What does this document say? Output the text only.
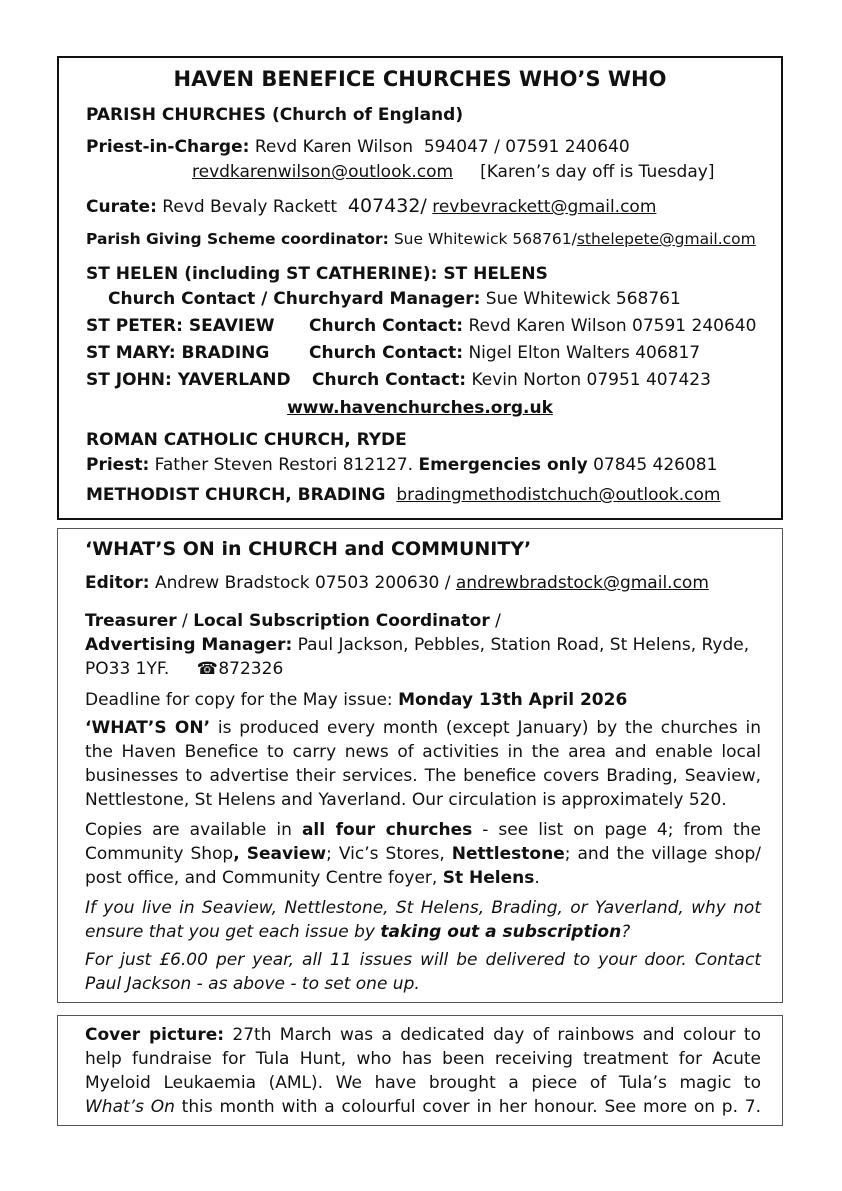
HAVEN BENEFICE CHURCHES WHO’S WHO
PARISH CHURCHES (Church of England)
Priest-in-Charge: Revd Karen Wilson 594047 / 07591 240640
revdkarenwilson@outlook.com [Karen’s day off is Tuesday]
Curate: Revd Bevaly Rackett 407432/ revbevrackett@gmail.com
Parish Giving Scheme coordinator: Sue Whitewick 568761/sthelepete@gmail.com
ST HELEN (including ST CATHERINE): ST HELENS
Church Contact / Churchyard Manager: Sue Whitewick 568761
ST PETER: SEAVIEW Church Contact: Revd Karen Wilson 07591 240640
ST MARY: BRADING Church Contact: Nigel Elton Walters 406817
ST JOHN: YAVERLAND Church Contact: Kevin Norton 07951 407423
www.havenchurches.org.uk
ROMAN CATHOLIC CHURCH, RYDE
Priest: Father Steven Restori 812127. Emergencies only 07845 426081
METHODIST CHURCH, BRADING bradingmethodistchuch@outlook.com
‘WHAT’S ON in CHURCH and COMMUNITY’
Editor: Andrew Bradstock 07503 200630 / andrewbradstock@gmail.com
Treasurer / Local Subscription Coordinator /
Advertising Manager: Paul Jackson, Pebbles, Station Road, St Helens, Ryde,
PO33 1YF. ☎872326
Deadline for copy for the May issue: Monday 13th April 2026
‘WHAT’S ON’ is produced every month (except January) by the churches in
the Haven Benefice to carry news of activities in the area and enable local
businesses to advertise their services. The benefice covers Brading, Seaview,
Nettlestone, St Helens and Yaverland. Our circulation is approximately 520.
Copies are available in all four churches - see list on page 4; from the
Community Shop, Seaview; Vic’s Stores, Nettlestone; and the village shop/
post office, and Community Centre foyer, St Helens.
If you live in Seaview, Nettlestone, St Helens, Brading, or Yaverland, why not
ensure that you get each issue by taking out a subscription?
For just £6.00 per year, all 11 issues will be delivered to your door. Contact
Paul Jackson - as above - to set one up.
Cover picture: 27th March was a dedicated day of rainbows and colour to
help fundraise for Tula Hunt, who has been receiving treatment for Acute
Myeloid Leukaemia (AML). We have brought a piece of Tula’s magic to
What’s On this month with a colourful cover in her honour. See more on p. 7.
